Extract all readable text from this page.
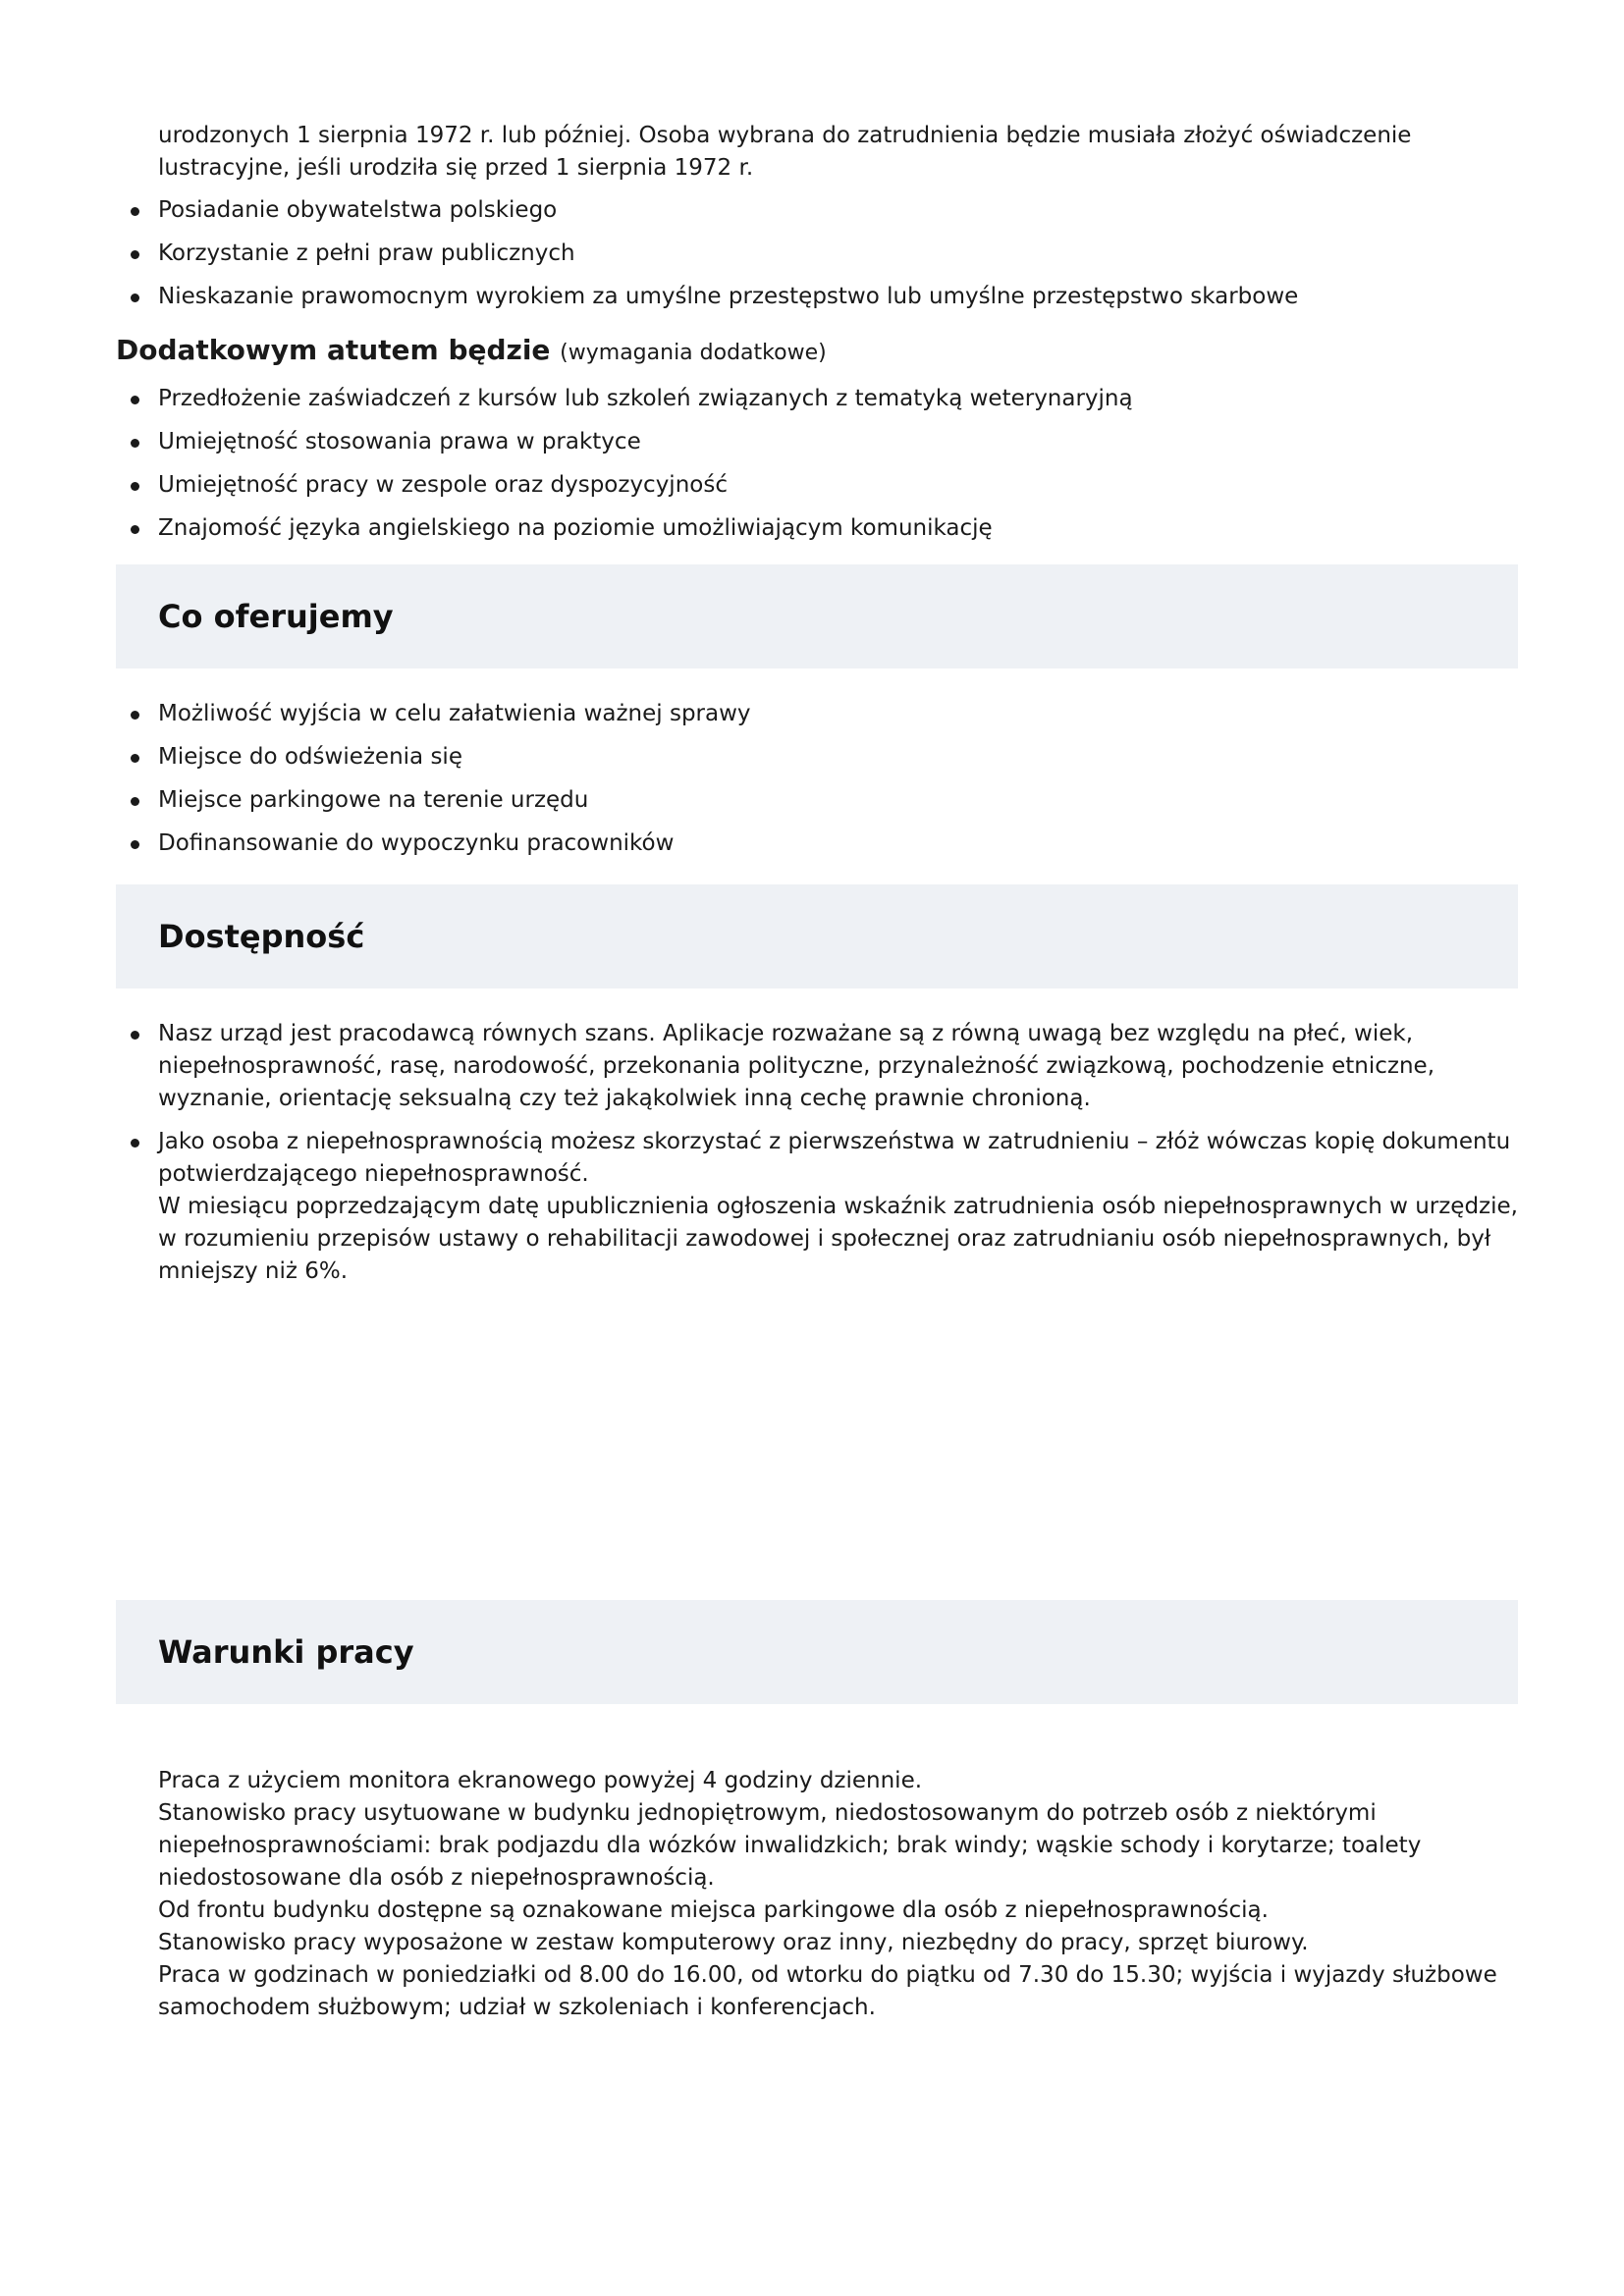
urodzonych 1 sierpnia 1972 r. lub później. Osoba wybrana do zatrudnienia będzie musiała złożyć oświadczenie lustracyjne, jeśli urodziła się przed 1 sierpnia 1972 r.

Posiadanie obywatelstwa polskiego
Korzystanie z pełni praw publicznych
Nieskazanie prawomocnym wyrokiem za umyślne przestępstwo lub umyślne przestępstwo skarbowe

Dodatkowym atutem będzie (wymagania dodatkowe)

Przedłożenie zaświadczeń z kursów lub szkoleń związanych z tematyką weterynaryjną
Umiejętność stosowania prawa w praktyce
Umiejętność pracy w zespole oraz dyspozycyjność
Znajomość języka angielskiego na poziomie umożliwiającym komunikację
Co oferujemy
Możliwość wyjścia w celu załatwienia ważnej sprawy
Miejsce do odświeżenia się
Miejsce parkingowe na terenie urzędu
Dofinansowanie do wypoczynku pracowników
Dostępność
Nasz urząd jest pracodawcą równych szans. Aplikacje rozważane są z równą uwagą bez względu na płeć, wiek, niepełnosprawność, rasę, narodowość, przekonania polityczne, przynależność związkową, pochodzenie etniczne, wyznanie, orientację seksualną czy też jakąkolwiek inną cechę prawnie chronioną.
Jako osoba z niepełnosprawnością możesz skorzystać z pierwszeństwa w zatrudnieniu – złóż wówczas kopię dokumentu potwierdzającego niepełnosprawność.
W miesiącu poprzedzającym datę upublicznienia ogłoszenia wskaźnik zatrudnienia osób niepełnosprawnych w urzędzie, w rozumieniu przepisów ustawy o rehabilitacji zawodowej i społecznej oraz zatrudnianiu osób niepełnosprawnych, był mniejszy niż 6%.
Warunki pracy
Praca z użyciem monitora ekranowego powyżej 4 godziny dziennie.
Stanowisko pracy usytuowane w budynku jednopiętrowym, niedostosowanym do potrzeb osób z niektórymi niepełnosprawnościami: brak podjazdu dla wózków inwalidzkich; brak windy; wąskie schody i korytarze; toalety niedostosowane dla osób z niepełnosprawnością.
Od frontu budynku dostępne są oznakowane miejsca parkingowe dla osób z niepełnosprawnością.
Stanowisko pracy wyposażone w zestaw komputerowy oraz inny, niezbędny do pracy, sprzęt biurowy.
Praca w godzinach w poniedziałki od 8.00 do 16.00, od wtorku do piątku od 7.30 do 15.30; wyjścia i wyjazdy służbowe samochodem służbowym; udział w szkoleniach i konferencjach.
